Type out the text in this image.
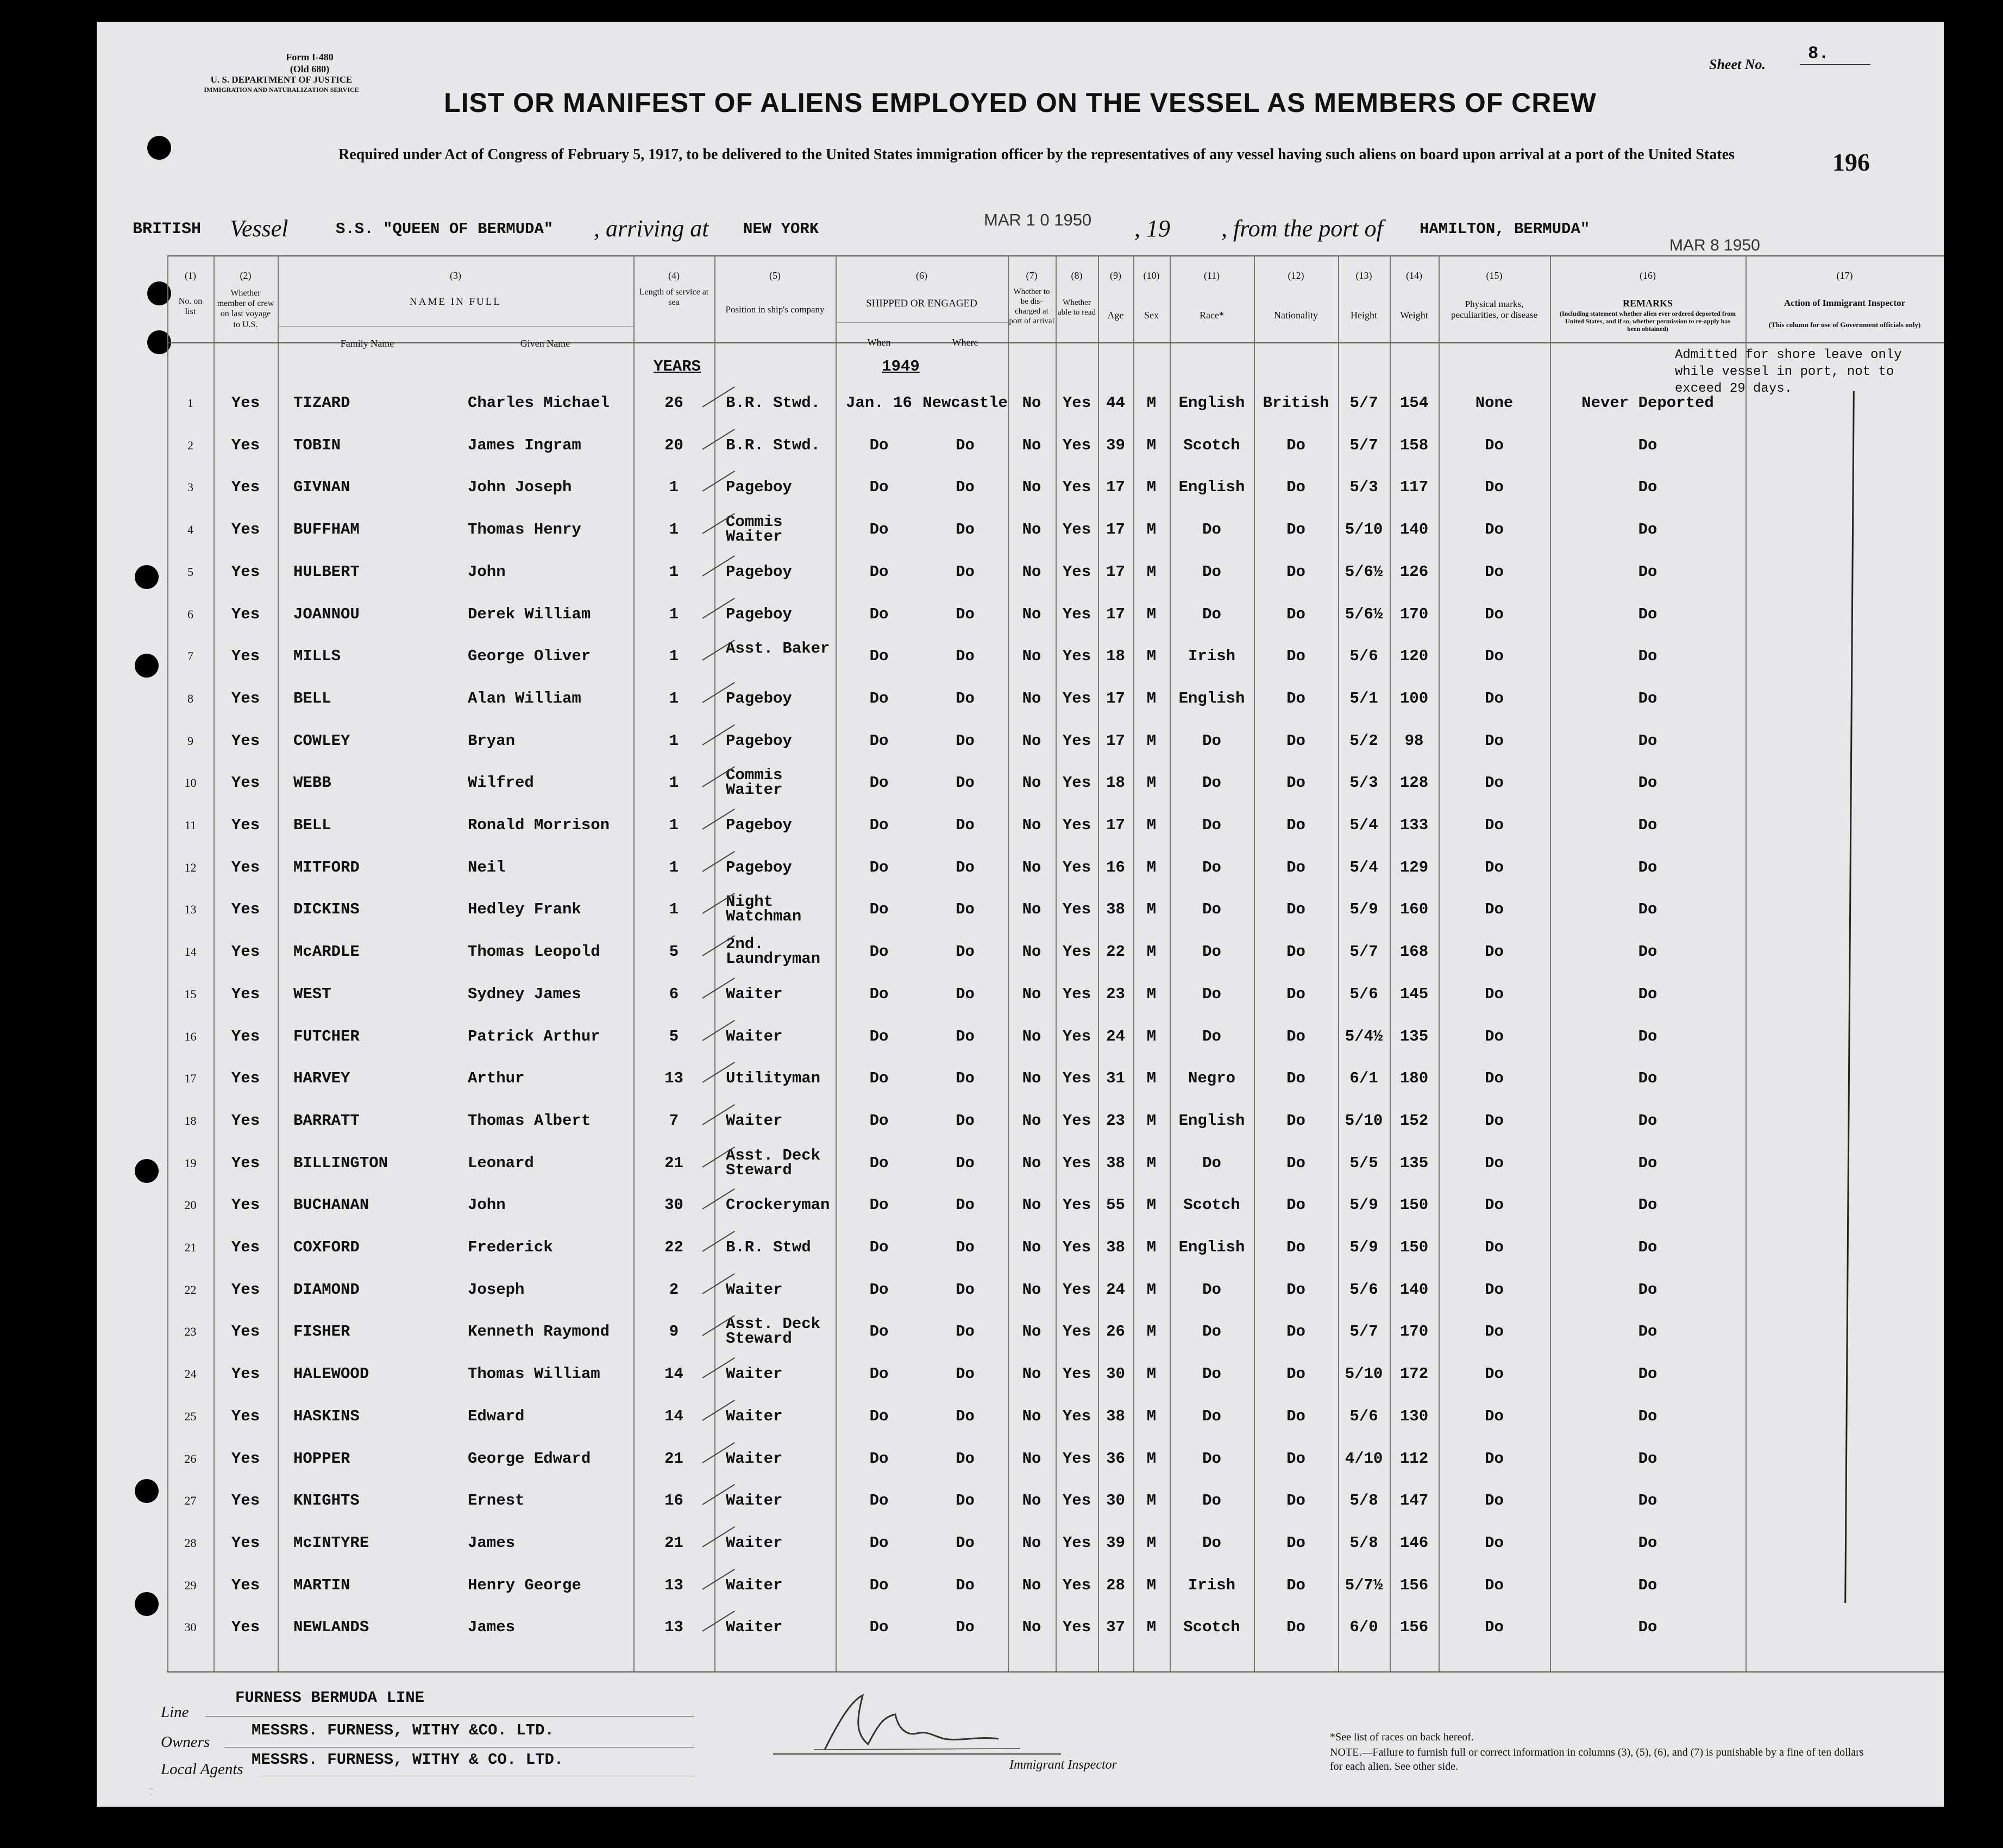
Form I-480
(Old 680)
U. S. DEPARTMENT OF JUSTICE
IMMIGRATION AND NATURALIZATION SERVICE
Sheet No.
8.
196
LIST OR MANIFEST OF ALIENS EMPLOYED ON THE VESSEL AS MEMBERS OF CREW
Required under Act of Congress of February 5, 1917, to be delivered to the United States immigration officer by the representatives of any vessel having such aliens on board upon arrival at a port of the United States
BRITISH Vessel	S.S. "QUEEN OF BERMUDA" , arriving at NEW YORK	MAR 1 0 1950 , 19 , from the port of HAMILTON, BERMUDA"
MAR 8 1950
(1)	(2)	(3)	(4)	(5)	(6)	(7)	(8)	(9)	(10)	(11)	(12)	(13)	(14)	(15)	(16)	(17)
No. on list
Whether member of crew on last voyage to U.S.
NAME IN FULL
Family Name	Given Name
Length of service at sea
Position in ship's company
SHIPPED OR ENGAGED
When	Where
Whether to be dis-charged at port of arrival
Whether able to read	Age	Sex	Race*	Nationality	Height	Weight
Physical marks, peculiarities, or disease
REMARKS
(Including statement whether alien ever ordered deported from United States, and if so, whether permission to re-apply has been obtained)
Action of Immigrant Inspector
(This column for use of Government officials only)
YEARS	1949
Admitted for shore leave only while vessel in port, not to exceed 29 days.
1	Yes	TIZARD	Charles Michael	26	B.R. Stwd.	Jan. 16 Newcastle No	Yes 44	M	English	British	5/7	154	None	Never Deported
2	Yes	TOBIN	James Ingram	20	B.R. Stwd.	Do	Do	No	Yes 39	M	Scotch	Do	5/7	158	Do	Do
3	Yes	GIVNAN	John Joseph	1	Pageboy	Do	Do	No	Yes 17	M	English	Do	5/3	117	Do	Do
4	Yes	BUFFHAM	Thomas Henry	1	Commis Waiter	Do	Do	No	Yes 17	M	Do	Do	5/10	140	Do	Do
5	Yes	HULBERT	John	1	Pageboy	Do	Do	No	Yes 17	M	Do	Do	5/6½	126	Do	Do
6	Yes	JOANNOU	Derek William	1	Pageboy	Do	Do	No	Yes 17	M	Do	Do	5/6½	170	Do	Do
7	Yes	MILLS	George Oliver	1	Asst. Baker	Do	Do	No	Yes 18	M	Irish	Do	5/6	120	Do	Do
8	Yes	BELL	Alan William	1	Pageboy	Do	Do	No	Yes 17	M	English	Do	5/1	100	Do	Do
9	Yes	COWLEY	Bryan	1	Pageboy	Do	Do	No	Yes 17	M	Do	Do	5/2	98	Do	Do
10	Yes	WEBB	Wilfred	1	Commis Waiter	Do	Do	No	Yes 18	M	Do	Do	5/3	128	Do	Do
11	Yes	BELL	Ronald Morrison	1	Pageboy	Do	Do	No	Yes 17	M	Do	Do	5/4	133	Do	Do
12	Yes	MITFORD	Neil	1	Pageboy	Do	Do	No	Yes 16	M	Do	Do	5/4	129	Do	Do
13	Yes	DICKINS	Hedley Frank	1	Night Watchman	Do	Do	No	Yes 38	M	Do	Do	5/9	160	Do	Do
14	Yes	McARDLE	Thomas Leopold	5	2nd. Laundryman	Do	Do	No	Yes 22	M	Do	Do	5/7	168	Do	Do
15	Yes	WEST	Sydney James	6	Waiter	Do	Do	No	Yes 23	M	Do	Do	5/6	145	Do	Do
16	Yes	FUTCHER	Patrick Arthur	5	Waiter	Do	Do	No	Yes 24	M	Do	Do	5/4½	135	Do	Do
17	Yes	HARVEY	Arthur	13	Utilityman	Do	Do	No	Yes 31	M	Negro	Do	6/1	180	Do	Do
18	Yes	BARRATT	Thomas Albert	7	Waiter	Do	Do	No	Yes 23	M	English	Do	5/10	152	Do	Do
19	Yes	BILLINGTON	Leonard	21	Asst. Deck Steward	Do	Do	No	Yes 38	M	Do	Do	5/5	135	Do	Do
20	Yes	BUCHANAN	John	30	Crockeryman	Do	Do	No	Yes 55	M	Scotch	Do	5/9	150	Do	Do
21	Yes	COXFORD	Frederick	22	B.R. Stwd	Do	Do	No	Yes 38	M	English	Do	5/9	150	Do	Do
22	Yes	DIAMOND	Joseph	2	Waiter	Do	Do	No	Yes 24	M	Do	Do	5/6	140	Do	Do
23	Yes	FISHER	Kenneth Raymond	9	Asst. Deck Steward	Do	Do	No	Yes 26	M	Do	Do	5/7	170	Do	Do
24	Yes	HALEWOOD	Thomas William	14	Waiter	Do	Do	No	Yes 30	M	Do	Do	5/10	172	Do	Do
25	Yes	HASKINS	Edward	14	Waiter	Do	Do	No	Yes 38	M	Do	Do	5/6	130	Do	Do
26	Yes	HOPPER	George Edward	21	Waiter	Do	Do	No	Yes 36	M	Do	Do	4/10	112	Do	Do
27	Yes	KNIGHTS	Ernest	16	Waiter	Do	Do	No	Yes 30	M	Do	Do	5/8	147	Do	Do
28	Yes	McINTYRE	James	21	Waiter	Do	Do	No	Yes 39	M	Do	Do	5/8	146	Do	Do
29	Yes	MARTIN	Henry George	13	Waiter	Do	Do	No	Yes 28	M	Irish	Do	5/7½	156	Do	Do
30	Yes	NEWLANDS	James	13	Waiter	Do	Do	No	Yes 37	M	Scotch	Do	6/0	156	Do	Do
Line
FURNESS BERMUDA LINE
Owners
MESSRS. FURNESS, WITHY &CO. LTD.
Local Agents
MESSRS. FURNESS, WITHY & CO. LTD.	Immigrant Inspector
*See list of races on back hereof.
NOTE.—Failure to furnish full or correct information in columns (3), (5), (6), and (7) is punishable by a fine of ten dollars for each alien. See other side.
◦◦
◦
